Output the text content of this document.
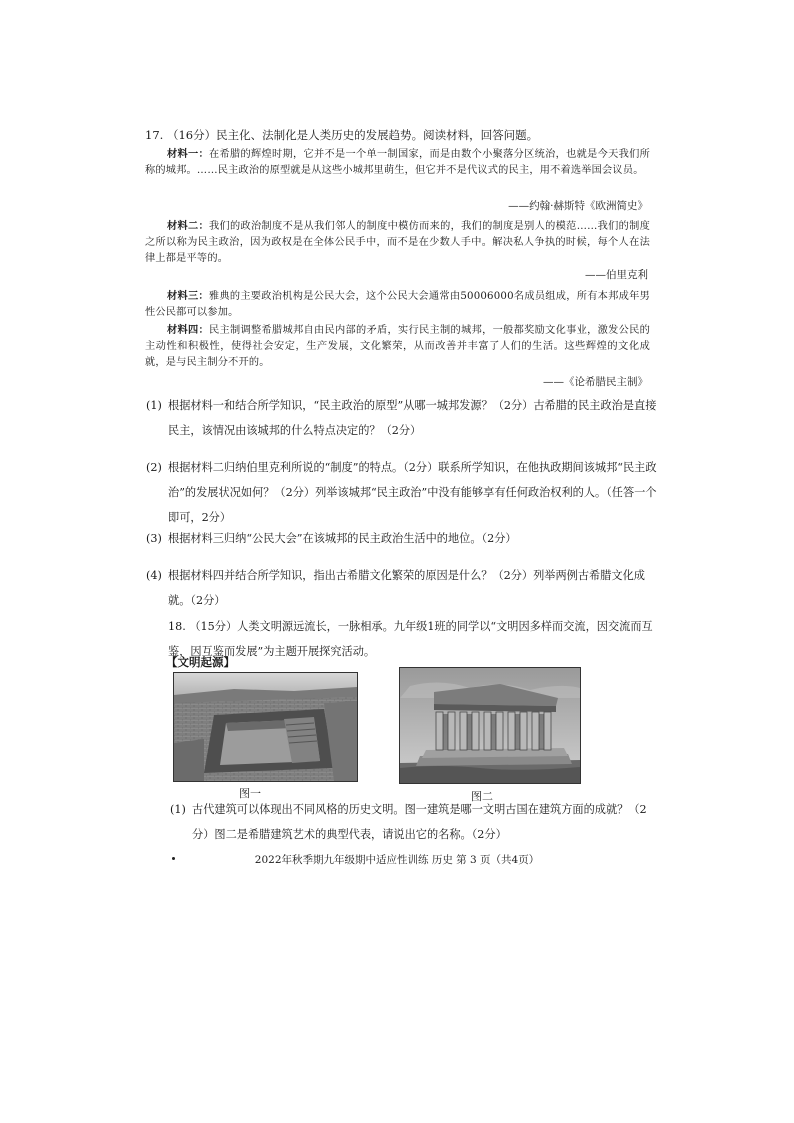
17. （16分）民主化、法制化是人类历史的发展趋势。阅读材料，回答问题。
材料一：在希腊的辉煌时期，它并不是一个单一制国家，而是由数个小聚落分区统治，也就是今天我们所称的城邦。……民主政治的原型就是从这些小城邦里萌生，但它并不是代议式的民主，用不着选举国会议员。
——约翰·赫斯特《欧洲简史》
材料二：我们的政治制度不是从我们邻人的制度中模仿而来的，我们的制度是别人的模范……我们的制度之所以称为民主政治，因为政权是在全体公民手中，而不是在少数人手中。解决私人争执的时候，每个人在法律上都是平等的。
——伯里克利
材料三：雅典的主要政治机构是公民大会，这个公民大会通常由50006000名成员组成，所有本邦成年男性公民都可以参加。
材料四：民主制调整希腊城邦自由民内部的矛盾，实行民主制的城邦，一般都奖励文化事业，激发公民的主动性和积极性，使得社会安定，生产发展，文化繁荣，从而改善并丰富了人们的生活。这些辉煌的文化成就，是与民主制分不开的。
——《论希腊民主制》
(1) 根据材料一和结合所学知识，“民主政治的原型”从哪一城邦发源？（2分）古希腊的民主政治是直接民主，该情况由该城邦的什么特点决定的？（2分）
(2) 根据材料二归纳伯里克利所说的“制度”的特点。（2分）联系所学知识，在他执政期间该城邦“民主政治”的发展状况如何？（2分）列举该城邦“民主政治”中没有能够享有任何政治权利的人。（任答一个即可，2分）
(3) 根据材料三归纳“公民大会”在该城邦的民主政治生活中的地位。（2分）
(4) 根据材料四并结合所学知识，指出古希腊文化繁荣的原因是什么？（2分）列举两例古希腊文化成就。（2分）
18. （15分）人类文明源远流长，一脉相承。九年级1班的同学以“文明因多样而交流，因交流而互鉴，因互鉴而发展”为主题开展探究活动。
【文明起源】
图一	图二
(1) 古代建筑可以体现出不同风格的历史文明。图一建筑是哪一文明古国在建筑方面的成就？（2分）图二是希腊建筑艺术的典型代表，请说出它的名称。（2分）
2022年秋季期九年级期中适应性训练 历史 第 3 页（共4页）
